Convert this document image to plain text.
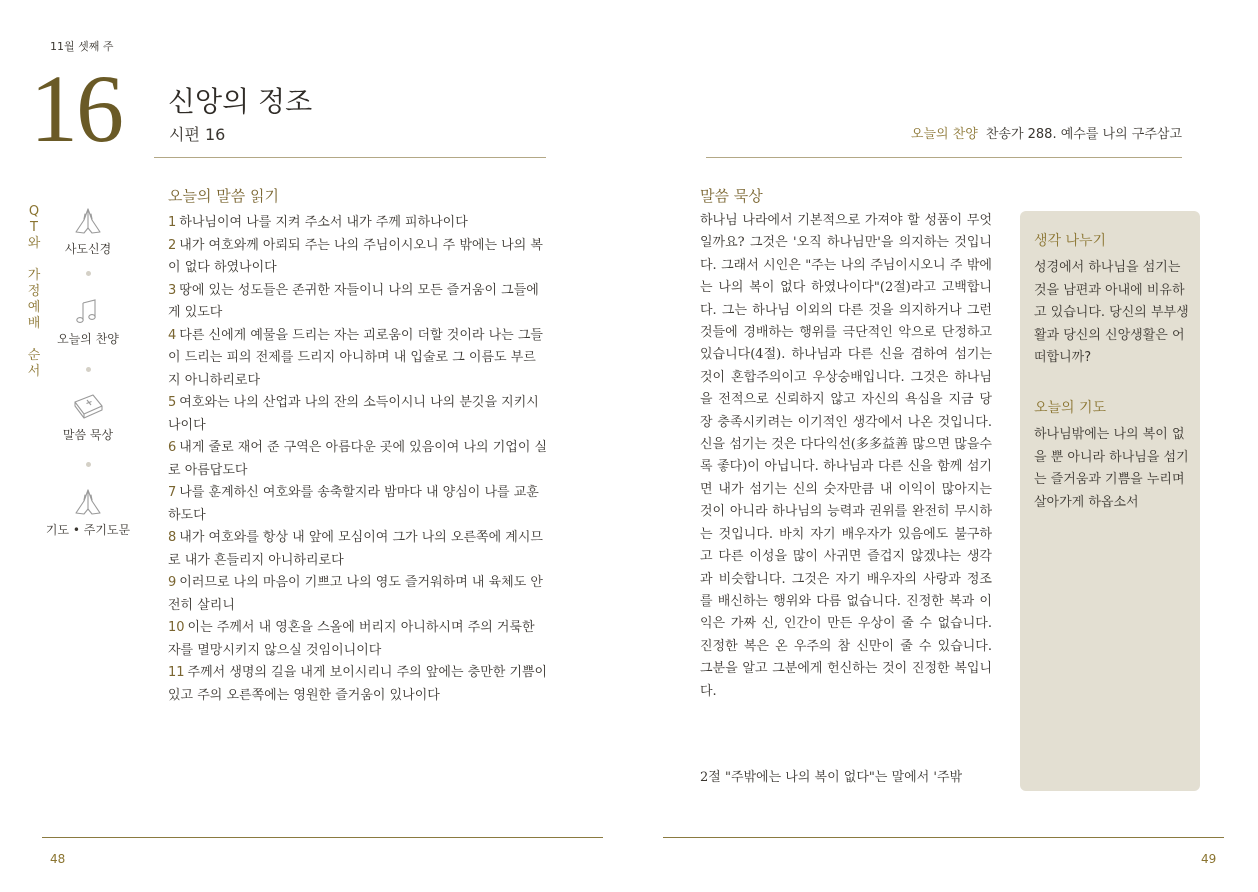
11월 셋째 주
16 신앙의 정조
시편 16
Q
T
와

가
정
예
배

순
서
사도신경
오늘의 찬양
말씀 묵상
기도 • 주기도문
오늘의 말씀 읽기
1 하나님이여 나를 지켜 주소서 내가 주께 피하나이다
2 내가 여호와께 아뢰되 주는 나의 주님이시오니 주 밖에는 나의 복이 없다 하였나이다
3 땅에 있는 성도들은 존귀한 자들이니 나의 모든 즐거움이 그들에게 있도다
4 다른 신에게 예물을 드리는 자는 괴로움이 더할 것이라 나는 그들이 드리는 피의 전제를 드리지 아니하며 내 입술로 그 이름도 부르지 아니하리로다
5 여호와는 나의 산업과 나의 잔의 소득이시니 나의 분깃을 지키시나이다
6 내게 줄로 재어 준 구역은 아름다운 곳에 있음이여 나의 기업이 실로 아름답도다
7 나를 훈계하신 여호와를 송축할지라 밤마다 내 양심이 나를 교훈하도다
8 내가 여호와를 항상 내 앞에 모심이여 그가 나의 오른쪽에 계시므로 내가 흔들리지 아니하리로다
9 이러므로 나의 마음이 기쁘고 나의 영도 즐거워하며 내 육체도 안전히 살리니
10 이는 주께서 내 영혼을 스올에 버리지 아니하시며 주의 거룩한 자를 멸망시키지 않으실 것임이니이다
11 주께서 생명의 길을 내게 보이시리니 주의 앞에는 충만한 기쁨이 있고 주의 오른쪽에는 영원한 즐거움이 있나이다
48
오늘의 찬양 찬송가 288. 예수를 나의 구주삼고
말씀 묵상
하나님 나라에서 기본적으로 가져야 할 성품이 무엇일까요? 그것은 '오직 하나님만'을 의지하는 것입니다. 그래서 시인은 "주는 나의 주님이시오니 주 밖에는 나의 복이 없다 하였나이다"(2절)라고 고백합니다. 그는 하나님 이외의 다른 것을 의지하거나 그런 것들에 경배하는 행위를 극단적인 악으로 단정하고 있습니다(4절). 하나님과 다른 신을 겸하여 섬기는 것이 혼합주의이고 우상숭배입니다. 그것은 하나님을 전적으로 신뢰하지 않고 자신의 욕심을 지금 당장 충족시키려는 이기적인 생각에서 나온 것입니다. 신을 섬기는 것은 다다익선(多多益善 많으면 많을수록 좋다)이 아닙니다. 하나님과 다른 신을 함께 섬기면 내가 섬기는 신의 숫자만큼 내 이익이 많아지는 것이 아니라 하나님의 능력과 권위를 완전히 무시하는 것입니다. 바치 자기 배우자가 있음에도 불구하고 다른 이성을 많이 사귀면 즐겁지 않겠냐는 생각과 비슷합니다. 그것은 자기 배우자의 사랑과 정조를 배신하는 행위와 다름 없습니다. 진정한 복과 이익은 가짜 신, 인간이 만든 우상이 줄 수 없습니다. 진정한 복은 온 우주의 참 신만이 줄 수 있습니다. 그분을 알고 그분에게 헌신하는 것이 진정한 복입니다.
2절 "주밖에는 나의 복이 없다"는 말에서 '주밖
생각 나누기
성경에서 하나님을 섬기는 것을 남편과 아내에 비유하고 있습니다. 당신의 부부생활과 당신의 신앙생활은 어떠합니까?
오늘의 기도
하나님밖에는 나의 복이 없을 뿐 아니라 하나님을 섬기는 즐거움과 기쁨을 누리며 살아가게 하옵소서
49
